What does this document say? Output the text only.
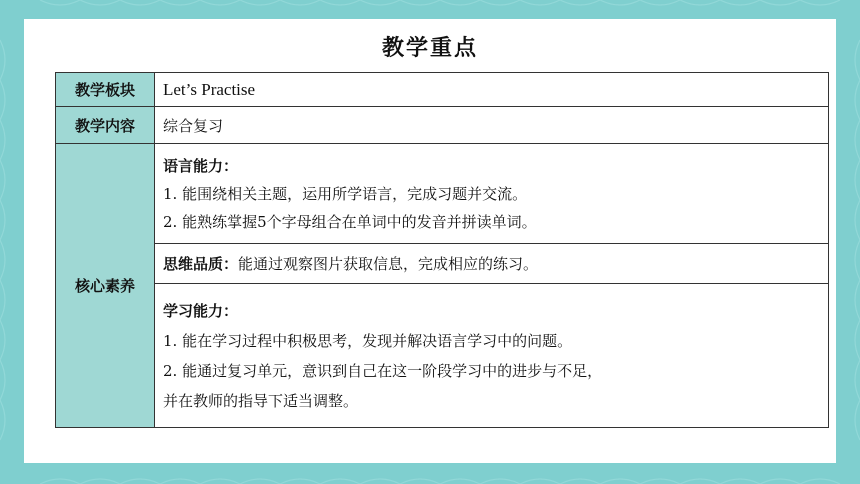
教学重点
教学板块	Let’s Practise
教学内容	综合复习
核心素养	语言能力：
1. 能围绕相关主题，运用所学语言，完成习题并交流。
2. 能熟练掌握5个字母组合在单词中的发音并拼读单词。

	思维品质：能通过观察图片获取信息，完成相应的练习。

	学习能力：
1. 能在学习过程中积极思考，发现并解决语言学习中的问题。
2. 能通过复习单元，意识到自己在这一阶段学习中的进步与不足，
并在教师的指导下适当调整。
